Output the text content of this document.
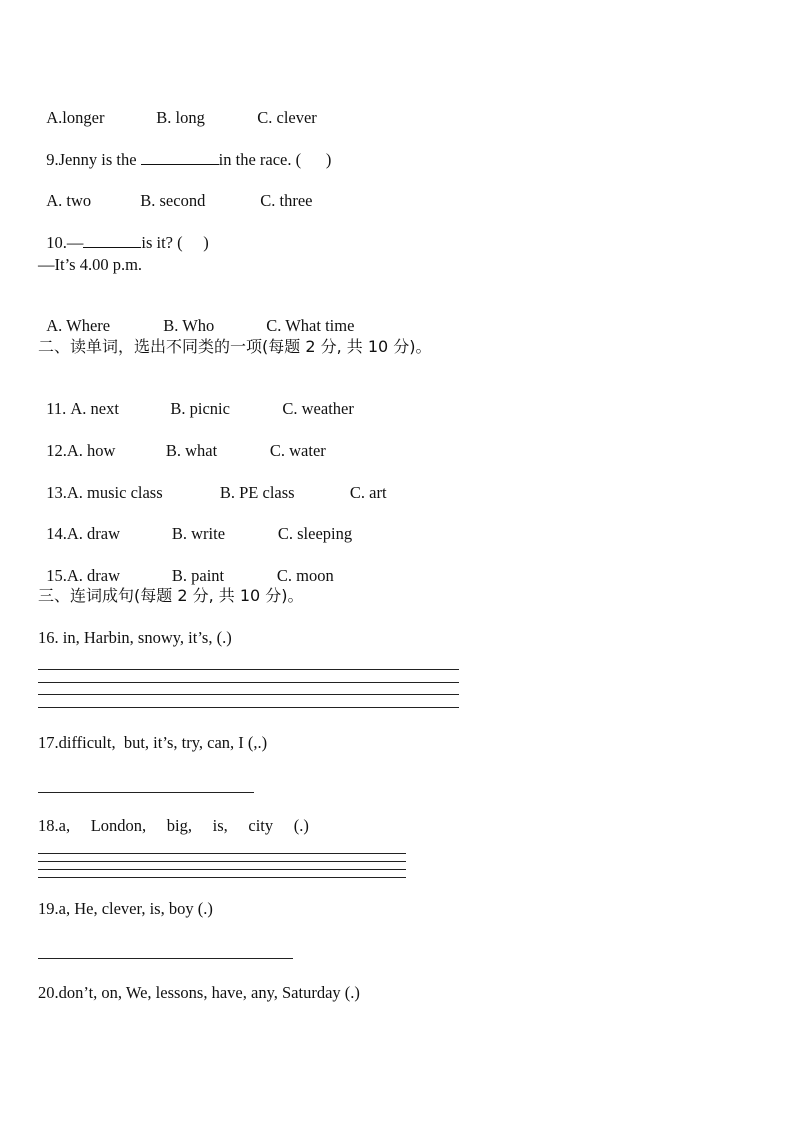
A.longer	B. long	C. clever

9.Jenny is the	in the race. (      )

A. two	B. second	C. three

10.—	is it? (     )

—It’s 4.00 p.m.

A. Where	B. Who	C. What time

二、读单词，选出不同类的一项(每题 2 分, 共 10 分)。

11. A. next	B. picnic	C. weather

12.A. how	B. what	C. water

13.A. music class	B. PE class	C. art

14.A. draw	B. write	C. sleeping

15.A. draw	B. paint	C. moon

三、连词成句(每题 2 分, 共 10 分)。
16. in, Harbin, snowy, it’s, (.)
17.difficult,  but, it’s, try, can, I (,.)
18.a,     London,     big,     is,     city     (.)
19.a, He, clever, is, boy (.)
20.don’t, on, We, lessons, have, any, Saturday (.)
